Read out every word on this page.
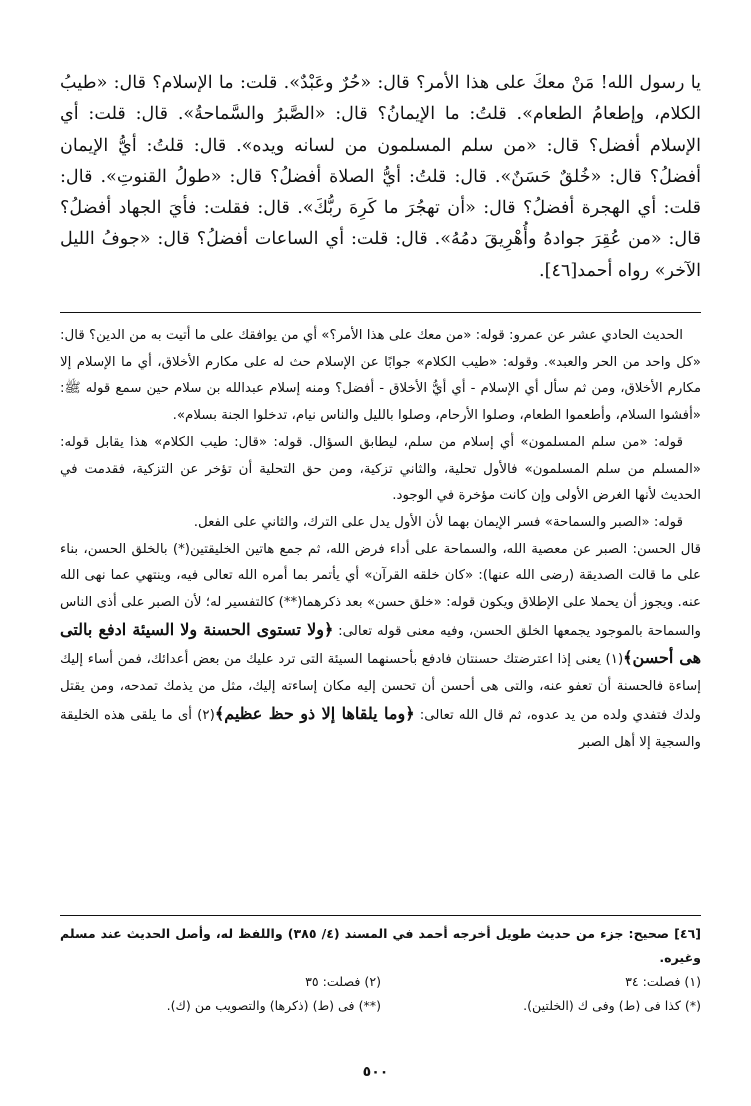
يا رسول الله! مَنْ معكَ على هذا الأمر؟ قال: «حُرٌ وعَبْدٌ». قلت: ما الإسلام؟ قال: «طيبُ الكلام، وإطعامُ الطعام». قلتُ: ما الإيمانُ؟ قال: «الصَّبرُ والسَّماحةُ». قال: قلت: أي الإسلام أفضل؟ قال: «من سلم المسلمون من لسانه ويده». قال: قلتُ: أيُّ الإيمان أفضلُ؟ قال: «خُلقٌ حَسَنٌ». قال: قلتُ: أيُّ الصلاة أفضلُ؟ قال: «طولُ القنوتِ». قال: قلت: أي الهجرة أفضلُ؟ قال: «أن تهجُرَ ما كَرِهَ ربُّكَ». قال: فقلت: فأيَ الجهاد أفضلُ؟ قال: «من عُقِرَ جوادهُ وأُهْرِيقَ دمُهُ». قال: قلت: أي الساعات أفضلُ؟ قال: «جوفُ الليل الآخر» رواه أحمد[٤٦].

الحديث الحادي عشر عن عمرو: قوله: «من معك على هذا الأمر؟» أي من يوافقك على ما أتيت به من الدين؟ قال: «كل واحد من الحر والعبد». وقوله: «طيب الكلام» جوابًا عن الإسلام حث له على مكارم الأخلاق، أي ما الإسلام إلا مكارم الأخلاق، ومن ثم سأل أي الإسلام - أي أيُّ الأخلاق - أفضل؟ ومنه إسلام عبدالله بن سلام حين سمع قوله ﷺ: «أفشوا السلام، وأطعموا الطعام، وصلوا الأرحام، وصلوا بالليل والناس نيام، تدخلوا الجنة بسلام».

قوله: «من سلم المسلمون» أي إسلام من سلم، ليطابق السؤال. قوله: «قال: طيب الكلام» هذا يقابل قوله: «المسلم من سلم المسلمون» فالأول تحلية، والثاني تزكية، ومن حق التحلية أن تؤخر عن التزكية، فقدمت في الحديث لأنها الغرض الأولى وإن كانت مؤخرة في الوجود.

قوله: «الصبر والسماحة» فسر الإيمان بهما لأن الأول يدل على الترك، والثاني على الفعل.

قال الحسن: الصبر عن معصية الله، والسماحة على أداء فرض الله، ثم جمع هاتين الخليقتين(*) بالخلق الحسن، بناء على ما قالت الصديقة (رضى الله عنها): «كان خلقه القرآن» أي يأتمر بما أمره الله تعالى فيه، وينتهي عما نهى الله عنه. ويجوز أن يحملا على الإطلاق ويكون قوله: «خلق حسن» بعد ذكرهما(**) كالتفسير له؛ لأن الصبر على أذى الناس والسماحة بالموجود يجمعها الخلق الحسن، وفيه معنى قوله تعالى: ﴿ولا تستوى الحسنة ولا السيئة ادفع بالتى هى أحسن﴾(١) يعنى إذا اعترضتك حسنتان فادفع بأحسنهما السيئة التى ترد عليك من بعض أعدائك، فمن أساء إليك إساءة فالحسنة أن تعفو عنه، والتى هى أحسن أن تحسن إليه مكان إساءته إليك، مثل من يذمك تمدحه، ومن يقتل ولدك فتفدي ولده من يد عدوه، ثم قال الله تعالى: ﴿وما يلقاها إلا ذو حظ عظيم﴾(٢) أى ما يلقى هذه الخليقة والسجية إلا أهل الصبر

[٤٦] صحيح: جزء من حديث طويل أخرجه أحمد في المسند (٤/ ٣٨٥) واللفظ له، وأصل الحديث عند مسلم وغيره.

(١) فصلت: ٣٤
(٢) فصلت: ٣٥
(*) كذا فى (ط) وفى ك (الخلتين).
(**) فى (ط) (ذكرها) والتصويب من (ك).
٥٠٠
